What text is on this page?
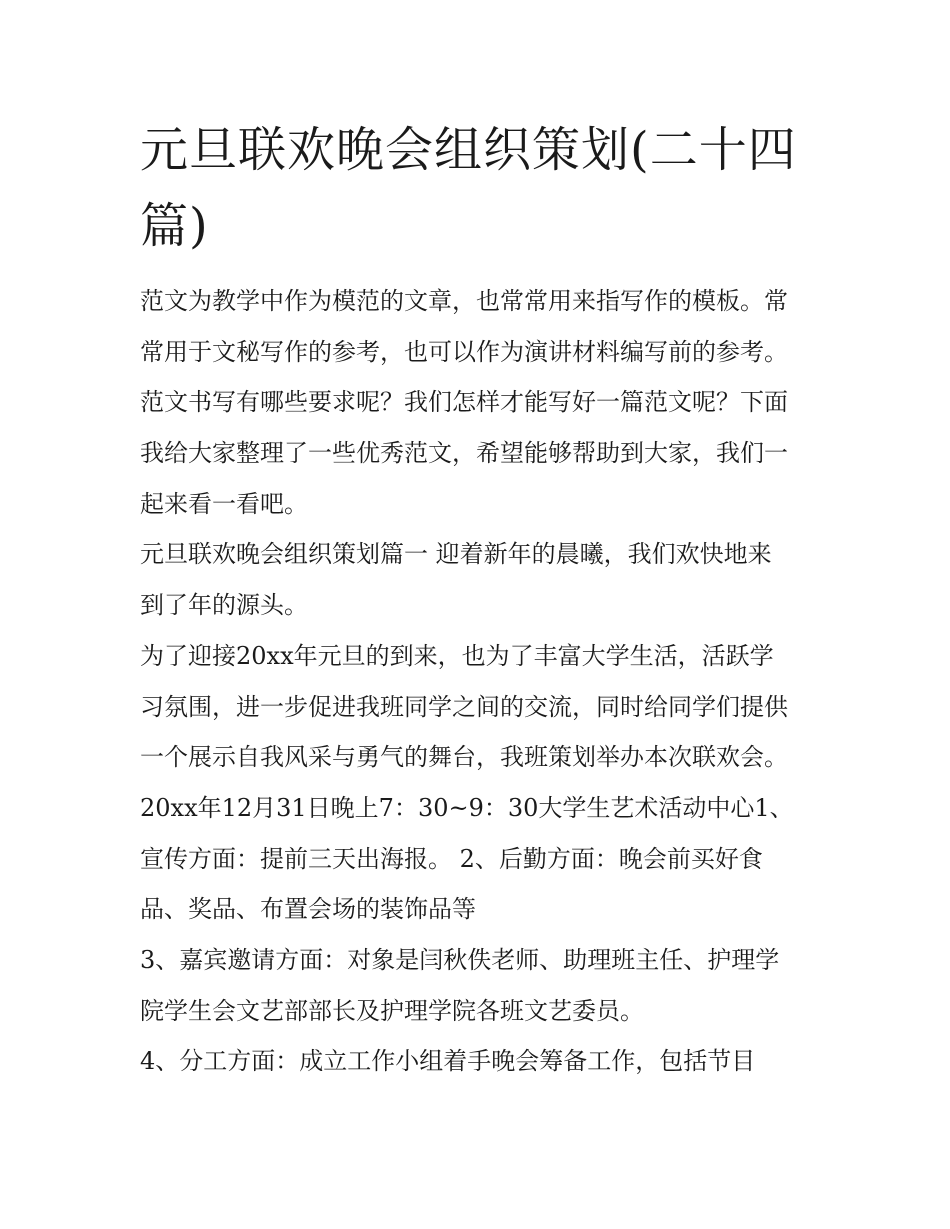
元旦联欢晚会组织策划(二十四
篇)
范文为教学中作为模范的文章，也常常用来指写作的模板。常
常用于文秘写作的参考，也可以作为演讲材料编写前的参考。
范文书写有哪些要求呢？我们怎样才能写好一篇范文呢？下面
我给大家整理了一些优秀范文，希望能够帮助到大家，我们一
起来看一看吧。
元旦联欢晚会组织策划篇一 迎着新年的晨曦，我们欢快地来
到了年的源头。
为了迎接20xx年元旦的到来，也为了丰富大学生活，活跃学
习氛围，进一步促进我班同学之间的交流，同时给同学们提供
一个展示自我风采与勇气的舞台，我班策划举办本次联欢会。
20xx年12月31日晚上7：30~9：30大学生艺术活动中心1、
宣传方面：提前三天出海报。 2、后勤方面：晚会前买好食
品、奖品、布置会场的装饰品等
3、嘉宾邀请方面：对象是闫秋佚老师、助理班主任、护理学
院学生会文艺部部长及护理学院各班文艺委员。
4、分工方面：成立工作小组着手晚会筹备工作，包括节目
